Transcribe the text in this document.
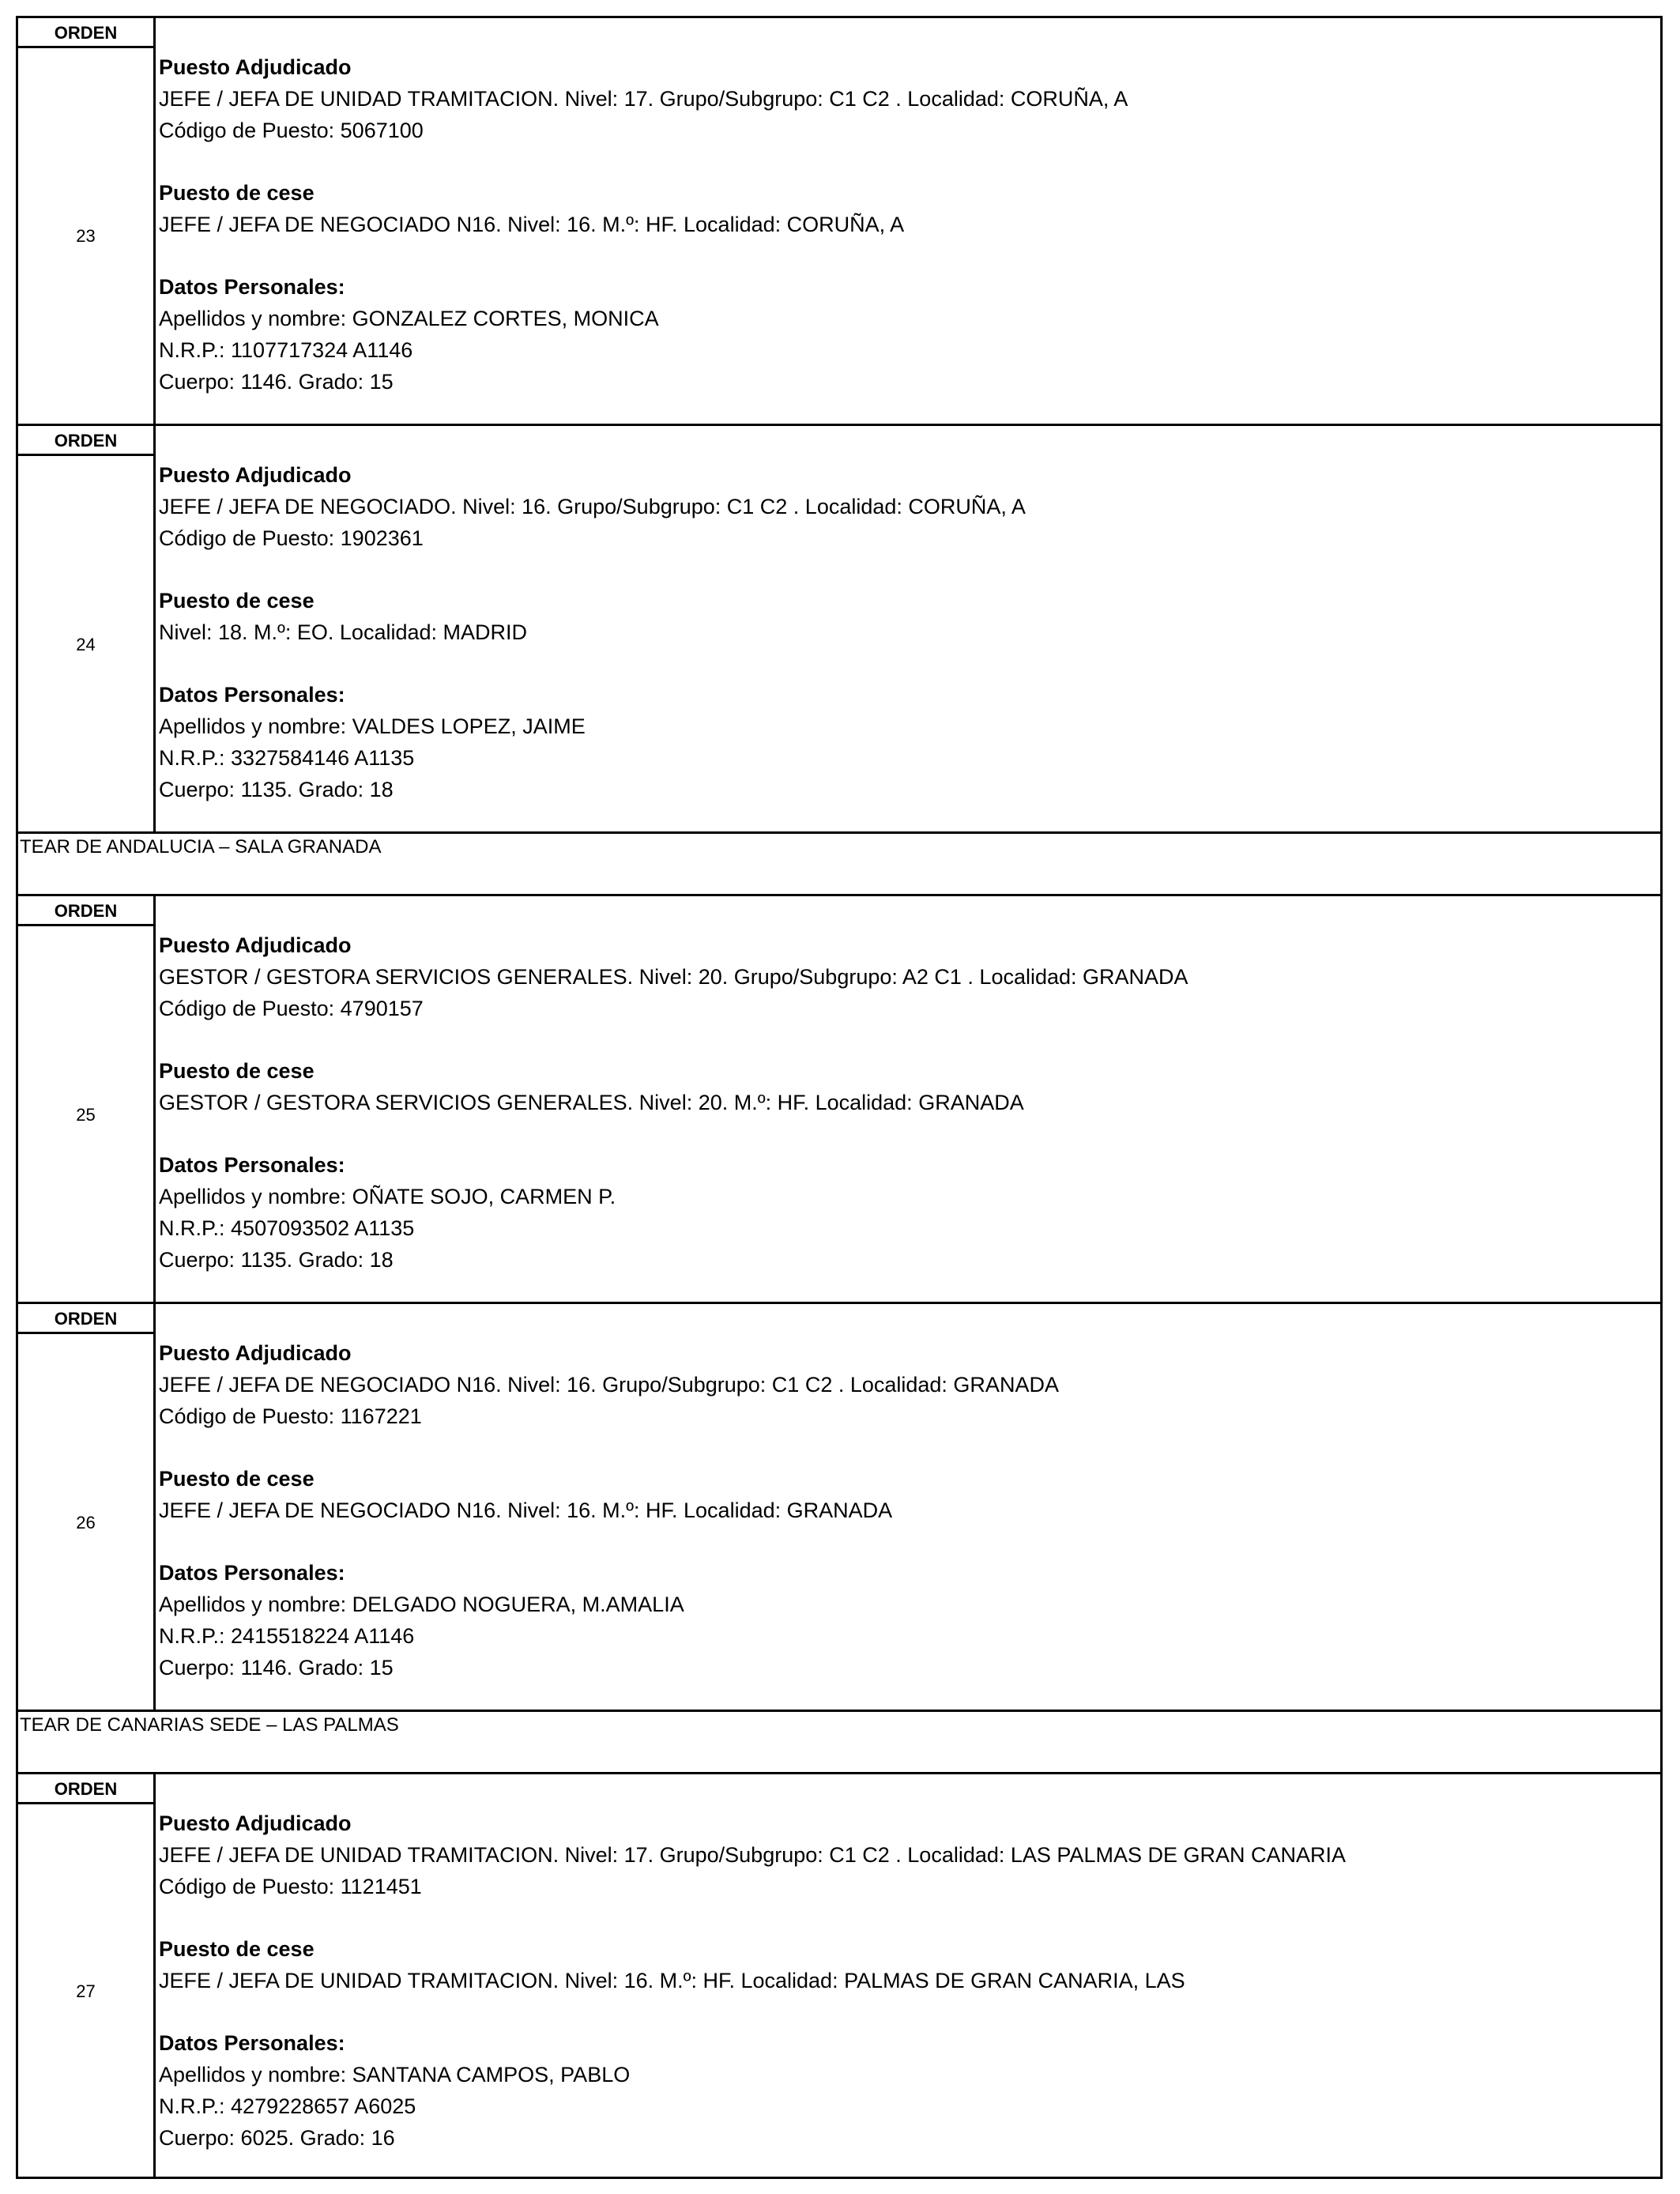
ORDEN
23
Puesto Adjudicado
JEFE / JEFA DE UNIDAD TRAMITACION. Nivel: 17. Grupo/Subgrupo: C1 C2 . Localidad: CORUÑA, A
Código de Puesto: 5067100
Puesto de cese
JEFE / JEFA DE NEGOCIADO N16. Nivel: 16. M.º: HF. Localidad: CORUÑA, A
Datos Personales:
Apellidos y nombre: GONZALEZ CORTES, MONICA
N.R.P.: 1107717324 A1146
Cuerpo: 1146. Grado: 15
ORDEN
24
Puesto Adjudicado
JEFE / JEFA DE NEGOCIADO. Nivel: 16. Grupo/Subgrupo: C1 C2 . Localidad: CORUÑA, A
Código de Puesto: 1902361
Puesto de cese
Nivel: 18. M.º: EO. Localidad: MADRID
Datos Personales:
Apellidos y nombre: VALDES LOPEZ, JAIME
N.R.P.: 3327584146 A1135
Cuerpo: 1135. Grado: 18
TEAR DE ANDALUCIA – SALA GRANADA
ORDEN
25
Puesto Adjudicado
GESTOR / GESTORA SERVICIOS GENERALES. Nivel: 20. Grupo/Subgrupo: A2 C1 . Localidad: GRANADA
Código de Puesto: 4790157
Puesto de cese
GESTOR / GESTORA SERVICIOS GENERALES. Nivel: 20. M.º: HF. Localidad: GRANADA
Datos Personales:
Apellidos y nombre: OÑATE SOJO, CARMEN P.
N.R.P.: 4507093502 A1135
Cuerpo: 1135. Grado: 18
ORDEN
26
Puesto Adjudicado
JEFE / JEFA DE NEGOCIADO N16. Nivel: 16. Grupo/Subgrupo: C1 C2 . Localidad: GRANADA
Código de Puesto: 1167221
Puesto de cese
JEFE / JEFA DE NEGOCIADO N16. Nivel: 16. M.º: HF. Localidad: GRANADA
Datos Personales:
Apellidos y nombre: DELGADO NOGUERA, M.AMALIA
N.R.P.: 2415518224 A1146
Cuerpo: 1146. Grado: 15
TEAR DE CANARIAS SEDE – LAS PALMAS
ORDEN
27
Puesto Adjudicado
JEFE / JEFA DE UNIDAD TRAMITACION. Nivel: 17. Grupo/Subgrupo: C1 C2 . Localidad: LAS PALMAS DE GRAN CANARIA
Código de Puesto: 1121451
Puesto de cese
JEFE / JEFA DE UNIDAD TRAMITACION. Nivel: 16. M.º: HF. Localidad: PALMAS DE GRAN CANARIA, LAS
Datos Personales:
Apellidos y nombre: SANTANA CAMPOS, PABLO
N.R.P.: 4279228657 A6025
Cuerpo: 6025. Grado: 16
